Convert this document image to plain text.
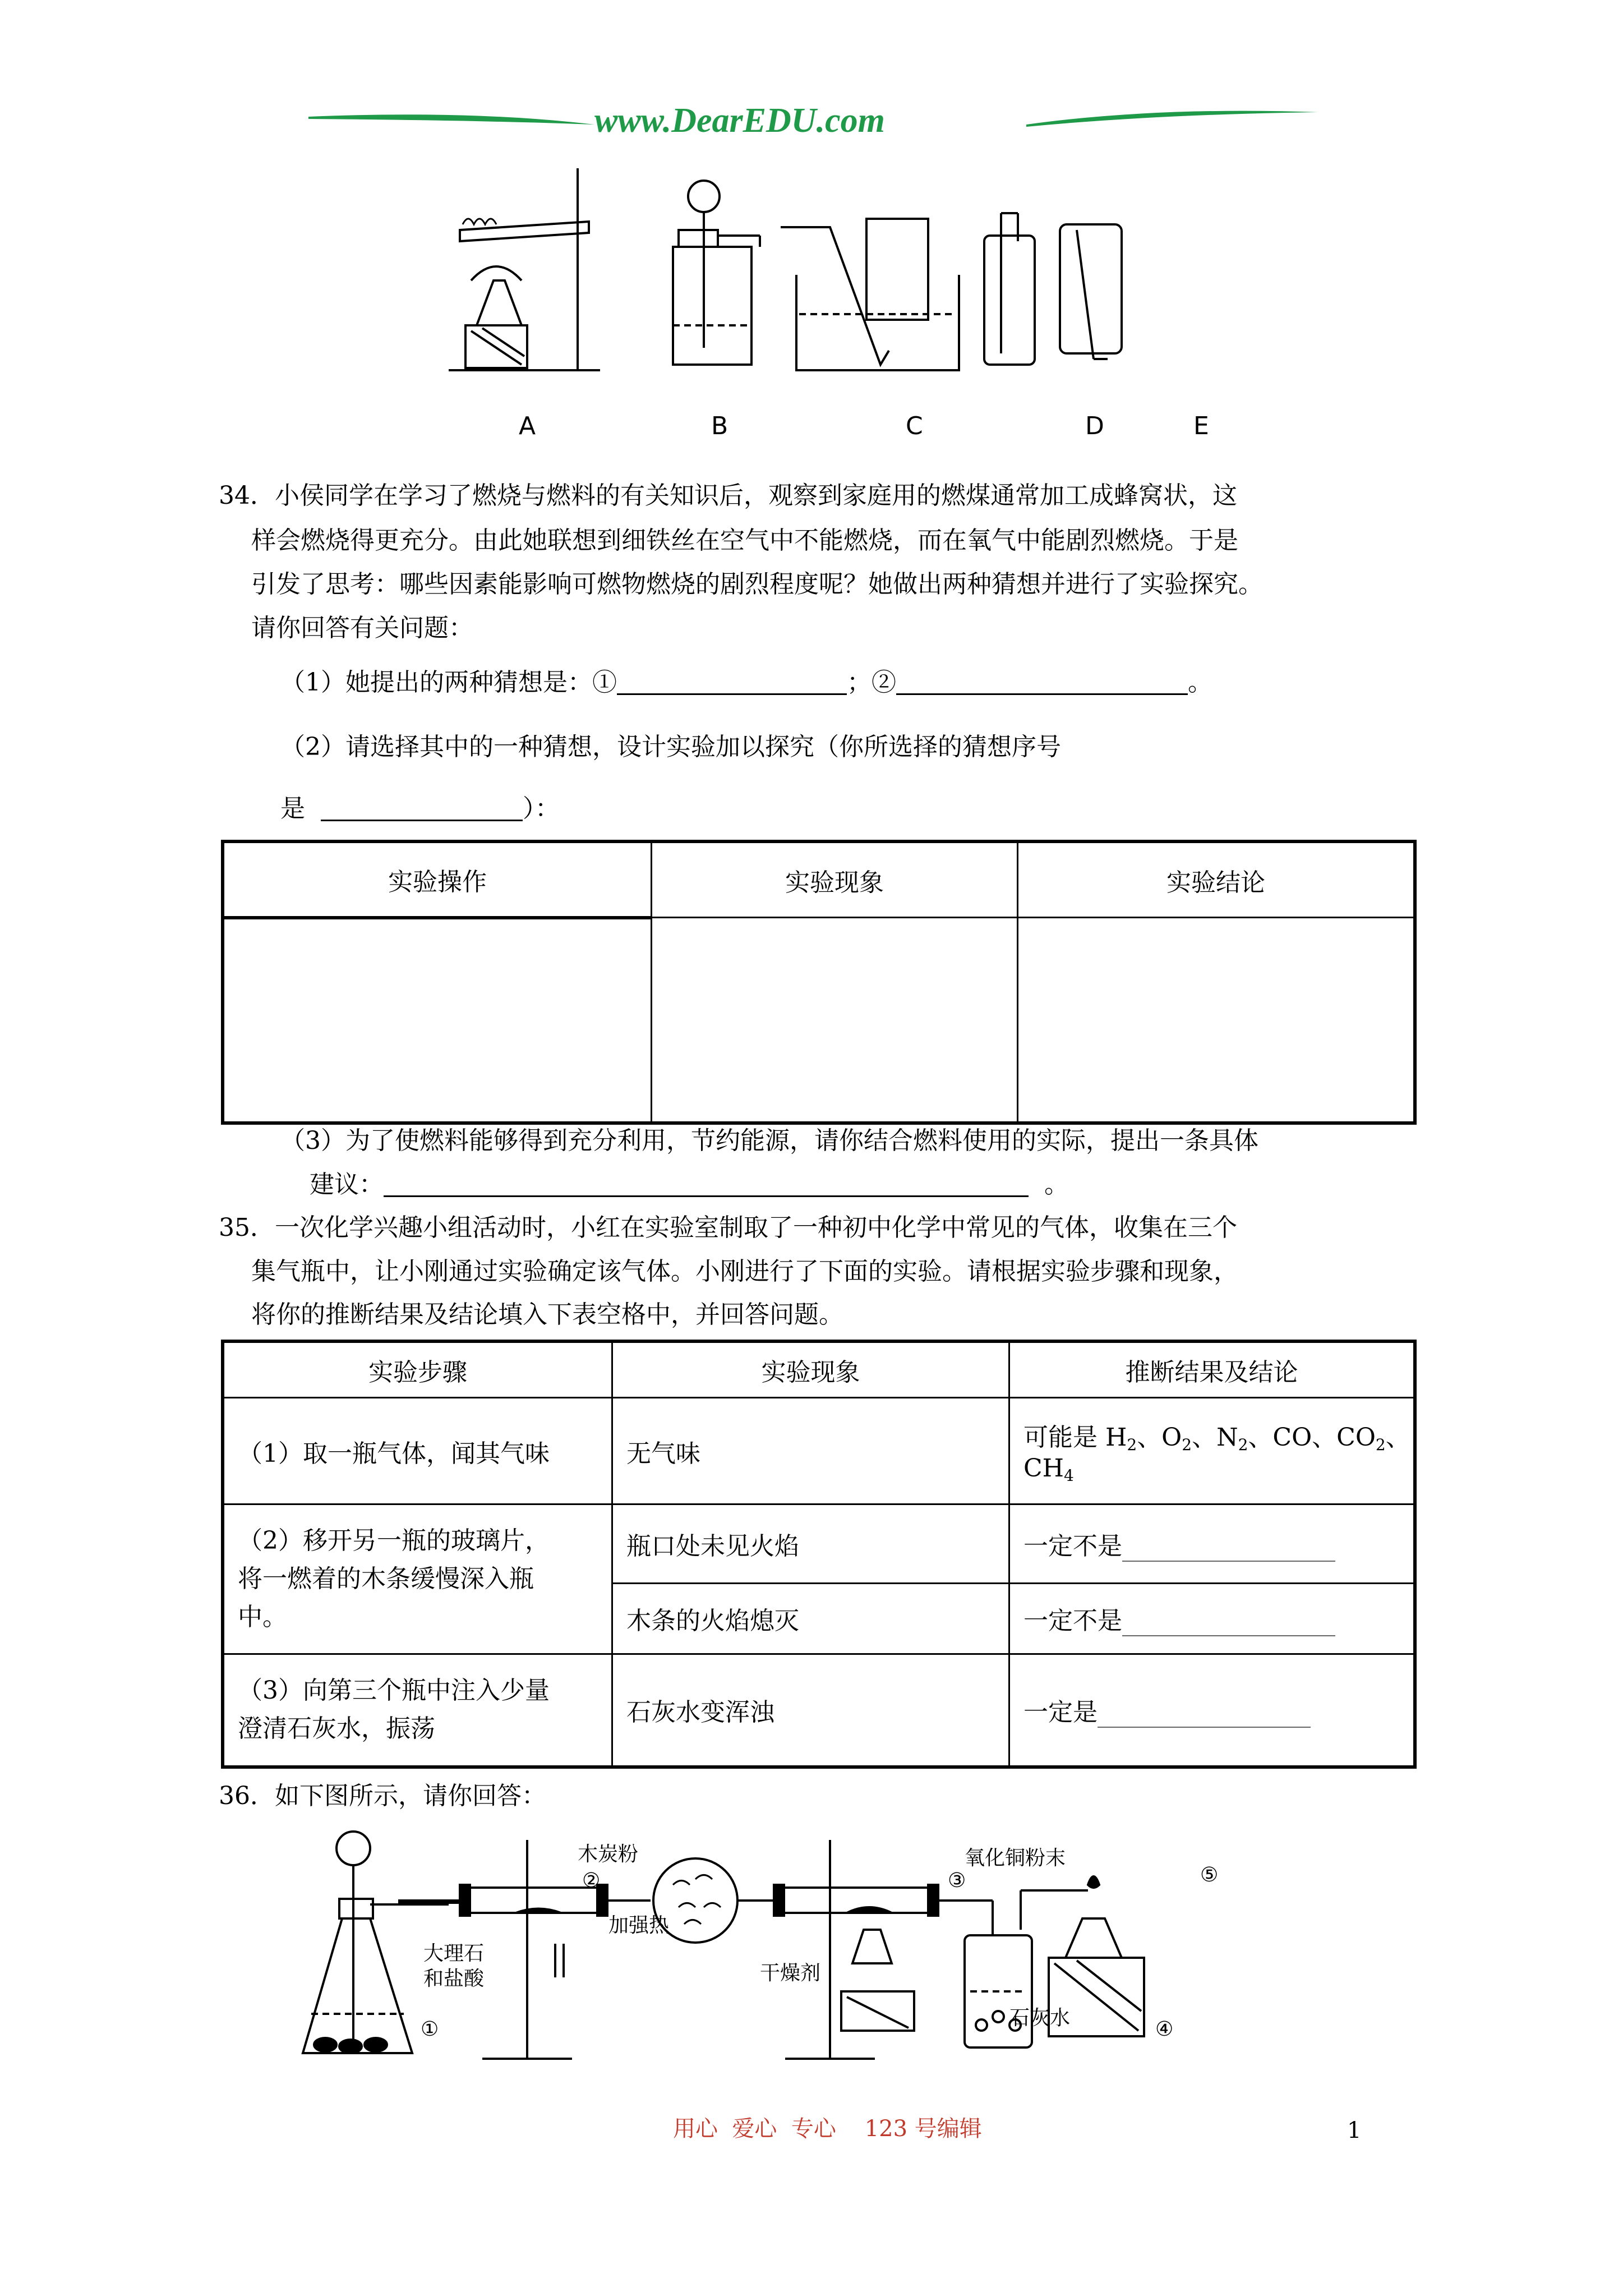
www.DearEDU.com
B	C	D	E
A
34．小侯同学在学习了燃烧与燃料的有关知识后，观察到家庭用的燃煤通常加工成蜂窝状，这
样会燃烧得更充分。由此她联想到细铁丝在空气中不能燃烧，而在氧气中能剧烈燃烧。于是
引发了思考：哪些因素能影响可燃物燃烧的剧烈程度呢？她做出两种猜想并进行了实验探究。
请你回答有关问题：
（1）她提出的两种猜想是：①	；②	。
（2）请选择其中的一种猜想，设计实验加以探究（你所选择的猜想序号
是	）：
实验操作	实验现象	实验结论

（3）为了使燃料能够得到充分利用，节约能源，请你结合燃料使用的实际，提出一条具体
建议：	。
35．一次化学兴趣小组活动时，小红在实验室制取了一种初中化学中常见的气体，收集在三个
集气瓶中，让小刚通过实验确定该气体。小刚进行了下面的实验。请根据实验步骤和现象，
将你的推断结果及结论填入下表空格中，并回答问题。
实验步骤	实验现象	推断结果及结论
（1）取一瓶气体，闻其气味	无气味	可能是 $H_2$、$O_2$、$N_2$、CO、$CO_2$、$CH_4$

（2）移开另一瓶的玻璃片，
将一燃着的木条缓慢深入瓶
中。	瓶口处未见火焰	一定不是
	木条的火焰熄灭	一定不是

（3）向第三个瓶中注入少量
澄清石灰水，振荡	石灰水变浑浊	一定是
36．如下图所示，请你回答：
大理石
和盐酸
①
木炭粉
②
加强热
干燥剂
氧化铜粉末
③
石灰水	④
⑤
用心  爱心  专心    123 号编辑	1
